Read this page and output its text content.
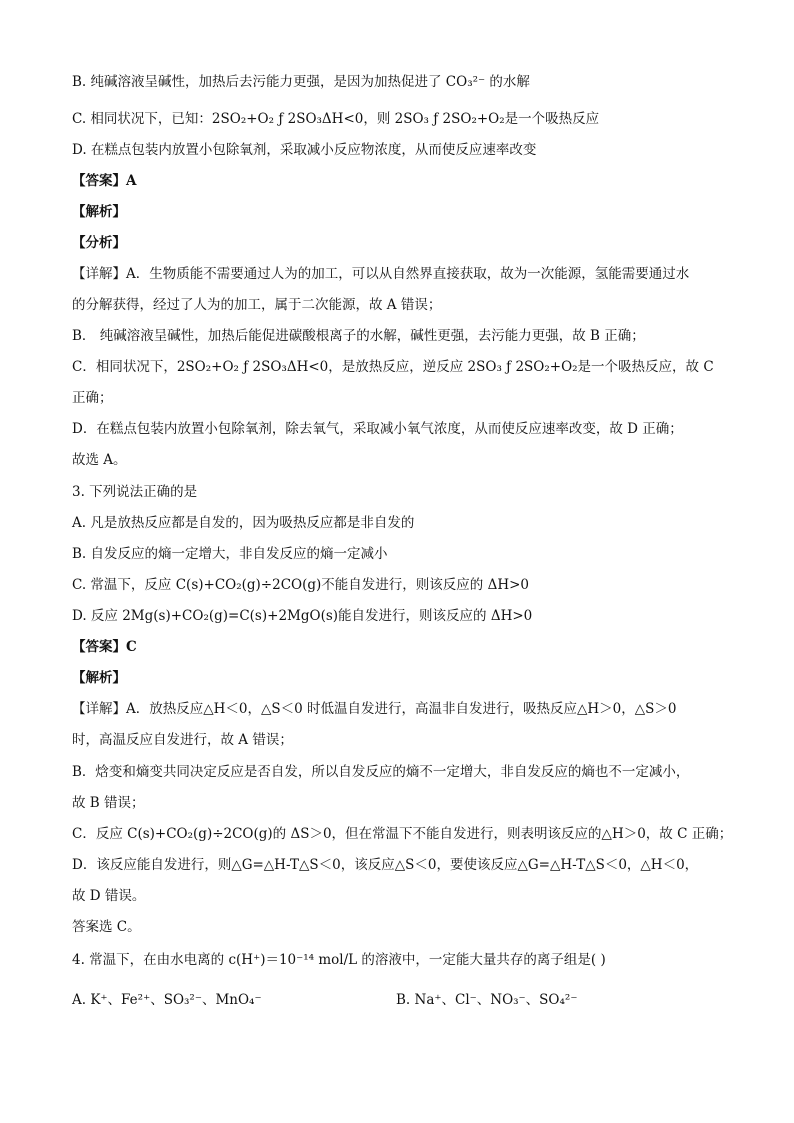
B. 纯碱溶液呈碱性，加热后去污能力更强，是因为加热促进了 CO₃²⁻ 的水解
C. 相同状况下，已知：2SO₂+O₂ ƒ 2SO₃ΔH<0，则 2SO₃ ƒ 2SO₂+O₂是一个吸热反应
D. 在糕点包装内放置小包除氧剂，采取减小反应物浓度，从而使反应速率改变
【答案】A
【解析】
【分析】
【详解】A．生物质能不需要通过人为的加工，可以从自然界直接获取，故为一次能源，氢能需要通过水
的分解获得，经过了人为的加工，属于二次能源，故 A 错误；
B． 纯碱溶液呈碱性，加热后能促进碳酸根离子的水解，碱性更强，去污能力更强，故 B 正确；
C．相同状况下，2SO₂+O₂ ƒ 2SO₃ΔH<0，是放热反应，逆反应 2SO₃ ƒ 2SO₂+O₂是一个吸热反应，故 C
正确；
D．在糕点包装内放置小包除氧剂，除去氧气，采取减小氧气浓度，从而使反应速率改变，故 D 正确；
故选 A。
3. 下列说法正确的是
A. 凡是放热反应都是自发的，因为吸热反应都是非自发的
B. 自发反应的熵一定增大，非自发反应的熵一定减小
C. 常温下，反应 C(s)+CO₂(g)÷2CO(g)不能自发进行，则该反应的 ΔH>0
D. 反应 2Mg(s)+CO₂(g)=C(s)+2MgO(s)能自发进行，则该反应的 ΔH>0
【答案】C
【解析】
【详解】A．放热反应△H＜0，△S＜0 时低温自发进行，高温非自发进行，吸热反应△H＞0，△S＞0
时，高温反应自发进行，故 A 错误；
B．焓变和熵变共同决定反应是否自发，所以自发反应的熵不一定增大，非自发反应的熵也不一定减小，
故 B 错误；
C．反应 C(s)+CO₂(g)÷2CO(g)的 ΔS＞0，但在常温下不能自发进行，则表明该反应的△H＞0，故 C 正确；
D．该反应能自发进行，则△G=△H-T△S＜0，该反应△S＜0，要使该反应△G=△H-T△S＜0，△H＜0，
故 D 错误。
答案选 C。
4. 常温下，在由水电离的 c(H⁺)＝10⁻¹⁴ mol/L 的溶液中，一定能大量共存的离子组是( )
A. K⁺、Fe²⁺、SO₃²⁻、MnO₄⁻	B. Na⁺、Cl⁻、NO₃⁻、SO₄²⁻
